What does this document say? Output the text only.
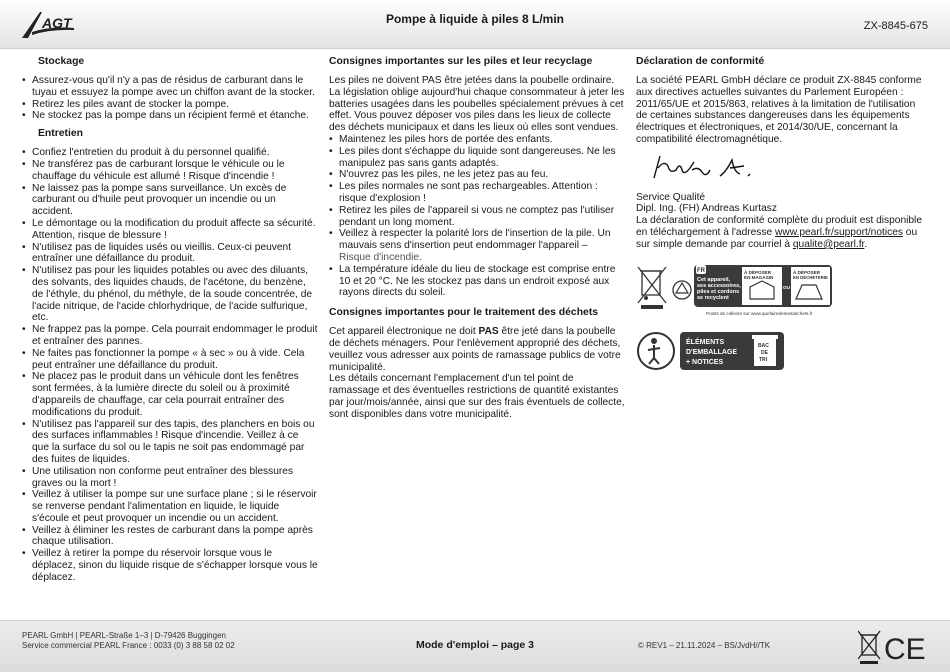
AGT	Pompe à liquide à piles 8 L/min	ZX-8845-675
Stockage
• Assurez-vous qu'il n'y a pas de résidus de carburant dans le tuyau et essuyez la pompe avec un chiffon avant de la stocker.
• Retirez les piles avant de stocker la pompe.
• Ne stockez pas la pompe dans un récipient fermé et étanche.
Entretien
• Confiez l'entretien du produit à du personnel qualifié.
• Ne transférez pas de carburant lorsque le véhicule ou le chauffage du véhicule est allumé ! Risque d'incendie !
• Ne laissez pas la pompe sans surveillance. Un excès de carburant ou d'huile peut provoquer un incendie ou un accident.
• Le démontage ou la modification du produit affecte sa sécurité. Attention, risque de blessure !
• N'utilisez pas de liquides usés ou vieillis. Ceux-ci peuvent entraîner une défaillance du produit.
• N'utilisez pas pour les liquides potables ou avec des diluants, des solvants, des liquides chauds, de l'acétone, du benzène, de l'éthyle, du phénol, du méthyle, de la soude concentrée, de l'acide nitrique, de l'acide chlorhydrique, de l'acide sulfurique, etc.
• Ne frappez pas la pompe. Cela pourrait endommager le produit et entraîner des pannes.
• Ne faites pas fonctionner la pompe « à sec » ou à vide. Cela peut entraîner une défaillance du produit.
• Ne placez pas le produit dans un véhicule dont les fenêtres sont fermées, à la lumière directe du soleil ou à proximité d'appareils de chauffage, car cela pourrait entraîner des modifications du produit.
• N'utilisez pas l'appareil sur des tapis, des planchers en bois ou des surfaces inflammables ! Risque d'incendie. Veillez à ce que la surface du sol ou le tapis ne soit pas endommagé par des fuites de liquides.
• Une utilisation non conforme peut entraîner des blessures graves ou la mort !
• Veillez à utiliser la pompe sur une surface plane ; si le réservoir se renverse pendant l'alimentation en liquide, le liquide s'écoule et peut provoquer un incendie ou un accident.
• Veillez à éliminer les restes de carburant dans la pompe après chaque utilisation.
• Veillez à retirer la pompe du réservoir lorsque vous le déplacez, sinon du liquide risque de s'échapper lorsque vous le déplacez.
Consignes importantes sur les piles et leur recyclage

Les piles ne doivent PAS être jetées dans la poubelle ordinaire. La législation oblige aujourd'hui chaque consommateur à jeter les batteries usagées dans les poubelles spécialement prévues à cet effet. Vous pouvez déposer vos piles dans les lieux de collecte des déchets municipaux et dans les lieux où elles sont vendues.

• Maintenez les piles hors de portée des enfants.
• Les piles dont s'échappe du liquide sont dangereuses. Ne les manipulez pas sans gants adaptés.
• N'ouvrez pas les piles, ne les jetez pas au feu.
• Les piles normales ne sont pas rechargeables. Attention : risque d'explosion !
• Retirez les piles de l'appareil si vous ne comptez pas l'utiliser pendant un long moment.
• Veillez à respecter la polarité lors de l'insertion de la pile. Un mauvais sens d'insertion peut endommager l'appareil –
Risque d'incendie.
• La température idéale du lieu de stockage est comprise entre 10 et 20 °C. Ne les stockez pas dans un endroit exposé aux rayons directs du soleil.
Consignes importantes pour le traitement des déchets

Cet appareil électronique ne doit PAS être jeté dans la poubelle de déchets ménagers. Pour l'enlèvement approprié des déchets, veuillez vous adresser aux points de ramassage publics de votre municipalité.

Les détails concernant l'emplacement d'un tel point de ramassage et des éventuelles restrictions de quantité existantes par jour/mois/année, ainsi que sur des frais éventuels de collecte, sont disponibles dans votre municipalité.

Déclaration de conformité

La société PEARL GmbH déclare ce produit ZX-8845 conforme aux directives actuelles suivantes du Parlement Européen : 2011/65/UE et 2015/863, relatives à la limitation de l'utilisation de certaines substances dangereuses dans les équipements électriques et électroniques, et 2014/30/UE, concernant la compatibilité électromagnétique.

Service Qualité

Dipl. Ing. (FH) Andreas Kurtasz

La déclaration de conformité complète du produit est disponible en téléchargement à l'adresse www.pearl.fr/support/notices ou sur simple demande par courriel à qualite@pearl.fr.

FR
Cet appareil,
ses accessoires,
piles et cordons
se recyclent
À DÉPOSER
EN MAGASIN
OU
À DÉPOSER
EN DÉCHETERIE
Points de collecte sur www.quefairedemesdechets.fr

ÉLÉMENTS
D'EMBALLAGE
+ NOTICES
BAC
DE
TRI
PEARL GmbH | PEARL-Straße 1–3 | D-79426 Buggingen
Service commercial PEARL France : 0033 (0) 3 88 58 02 02	Mode d'emploi – page 3	© REV1 – 21.11.2024 – BS/JvdH//TK	CE
